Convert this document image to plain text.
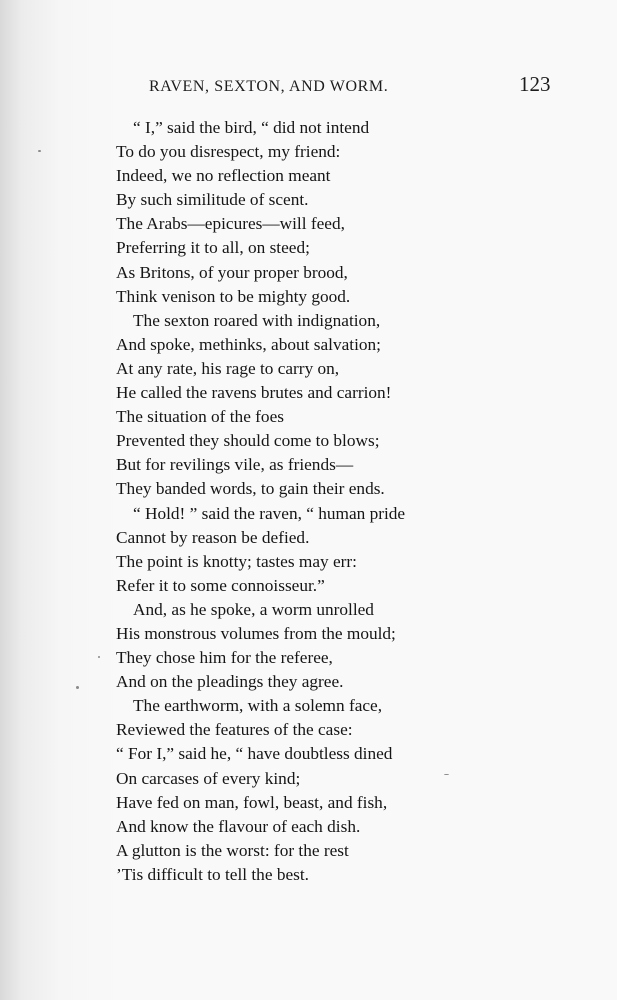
RAVEN, SEXTON, AND WORM.	123
“ I,” said the bird, “ did not intend
To do you disrespect, my friend:
Indeed, we no reflection meant
By such similitude of scent.
The Arabs—epicures—will feed,
Preferring it to all, on steed;
As Britons, of your proper brood,
Think venison to be mighty good.
The sexton roared with indignation,
And spoke, methinks, about salvation;
At any rate, his rage to carry on,
He called the ravens brutes and carrion!
The situation of the foes
Prevented they should come to blows;
But for revilings vile, as friends—
They banded words, to gain their ends.
“ Hold! ” said the raven, “ human pride
Cannot by reason be defied.
The point is knotty; tastes may err:
Refer it to some connoisseur.”
And, as he spoke, a worm unrolled
His monstrous volumes from the mould;
They chose him for the referee,
And on the pleadings they agree.
The earthworm, with a solemn face,
Reviewed the features of the case:
“ For I,” said he, “ have doubtless dined
On carcases of every kind;
Have fed on man, fowl, beast, and fish,
And know the flavour of each dish.
A glutton is the worst: for the rest
’Tis difficult to tell the best.
